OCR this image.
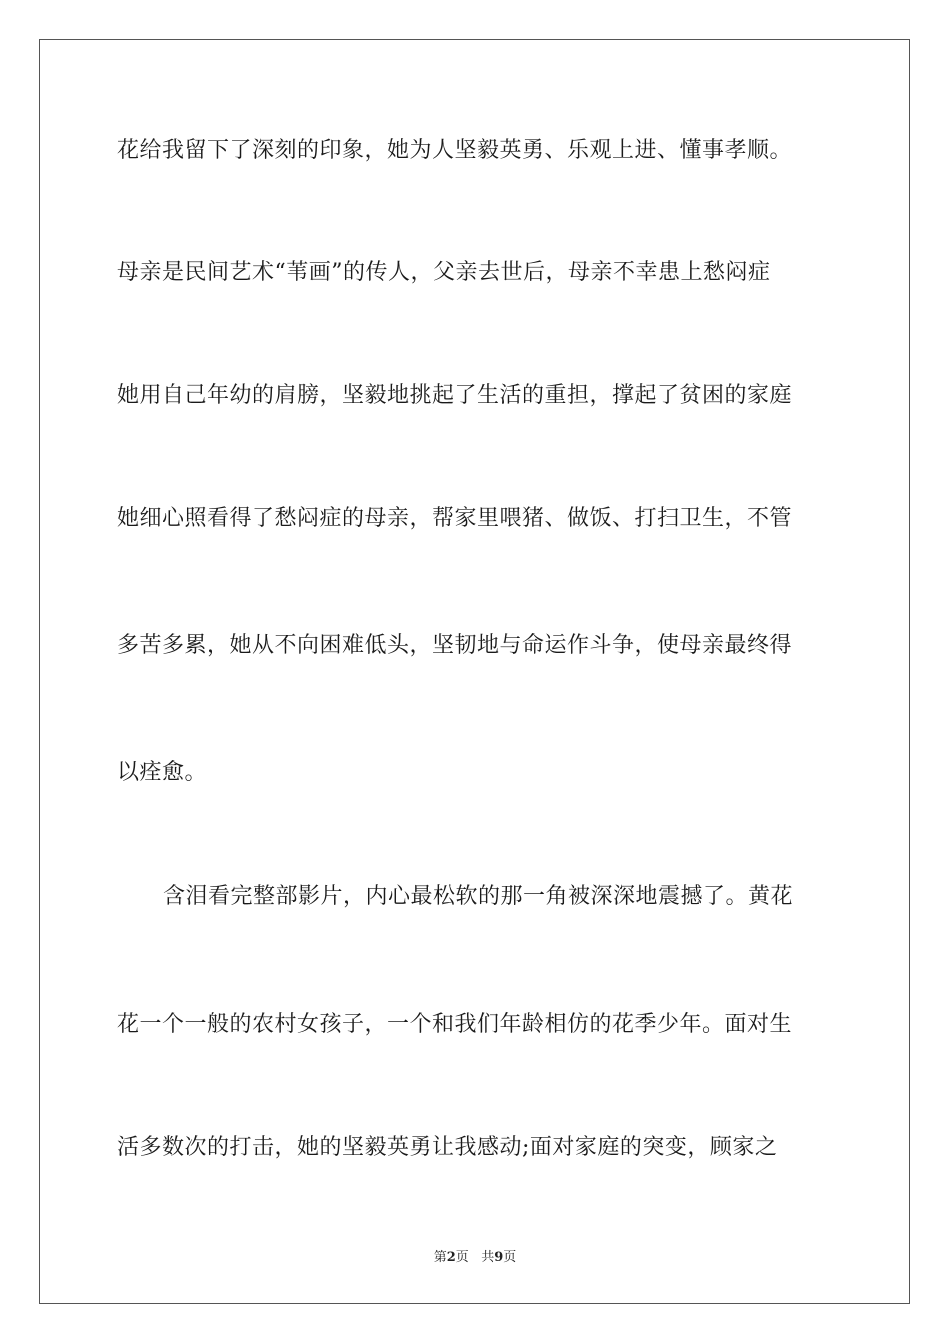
花给我留下了深刻的印象，她为人坚毅英勇、乐观上进、懂事孝顺。
母亲是民间艺术“苇画”的传人，父亲去世后，母亲不幸患上愁闷症
她用自己年幼的肩膀，坚毅地挑起了生活的重担，撑起了贫困的家庭
她细心照看得了愁闷症的母亲，帮家里喂猪、做饭、打扫卫生，不管
多苦多累，她从不向困难低头，坚韧地与命运作斗争，使母亲最终得
以痊愈。
含泪看完整部影片，内心最松软的那一角被深深地震撼了。黄花
花一个一般的农村女孩子，一个和我们年龄相仿的花季少年。面对生
活多数次的打击，她的坚毅英勇让我感动;面对家庭的突变，顾家之
第2页 共9页
